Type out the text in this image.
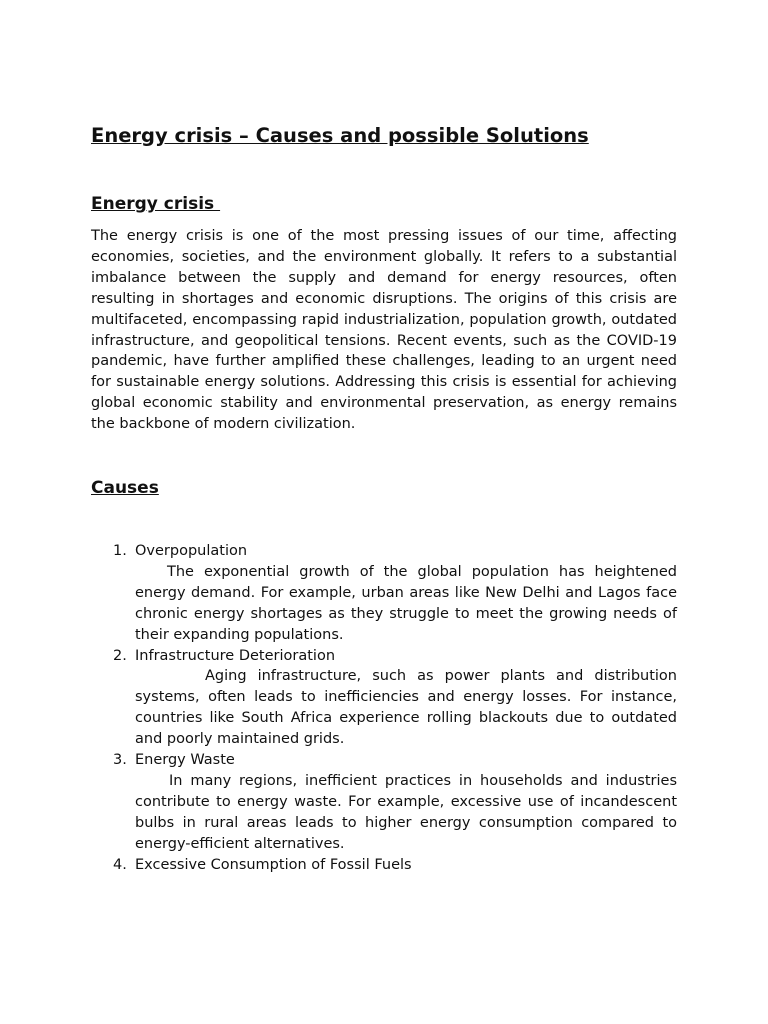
Energy crisis – Causes and possible Solutions
Energy crisis

The energy crisis is one of the most pressing issues of our time, affecting economies, societies, and the environment globally. It refers to a substantial imbalance between the supply and demand for energy resources, often resulting in shortages and economic disruptions. The origins of this crisis are multifaceted, encompassing rapid industrialization, population growth, outdated infrastructure, and geopolitical tensions. Recent events, such as the COVID-19 pandemic, have further amplified these challenges, leading to an urgent need for sustainable energy solutions. Addressing this crisis is essential for achieving global economic stability and environmental preservation, as energy remains the backbone of modern civilization.

Causes
1. Overpopulation
The exponential growth of the global population has heightened energy demand. For example, urban areas like New Delhi and Lagos face chronic energy shortages as they struggle to meet the growing needs of their expanding populations.
2. Infrastructure Deterioration
Aging infrastructure, such as power plants and distribution systems, often leads to inefficiencies and energy losses. For instance, countries like South Africa experience rolling blackouts due to outdated and poorly maintained grids.
3. Energy Waste
In many regions, inefficient practices in households and industries contribute to energy waste. For example, excessive use of incandescent bulbs in rural areas leads to higher energy consumption compared to energy-efficient alternatives.
4. Excessive Consumption of Fossil Fuels
